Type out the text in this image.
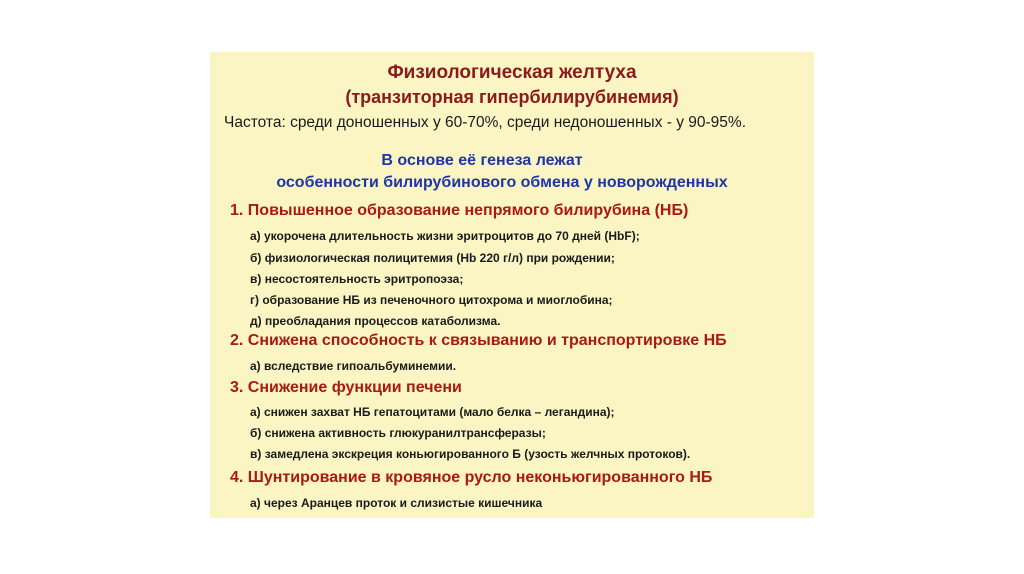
Физиологическая желтуха
(транзиторная гипербилирубинемия)
Частота: среди доношенных у 60-70%, среди недоношенных - у 90-95%.
В основе её генеза лежат
особенности билирубинового обмена у новорожденных
1. Повышенное образование непрямого билирубина (НБ)
а) укорочена длительность жизни эритроцитов до 70 дней (HbF);
б) физиологическая полицитемия (Hb 220 г/л) при рождении;
в) несостоятельность эритропоэза;
г) образование НБ из печеночного цитохрома и миоглобина;
д) преобладания процессов катаболизма.
2. Снижена способность к связыванию и транспортировке НБ
а) вследствие гипоальбуминемии.
3. Снижение функции печени
а) снижен захват НБ гепатоцитами (мало белка – легандина);
б) снижена активность глюкуранилтрансферазы;
в) замедлена экскреция коньюгированного Б (узость желчных протоков).
4. Шунтирование в кровяное русло неконьюгированного НБ
а) через Аранцев проток и слизистые кишечника
